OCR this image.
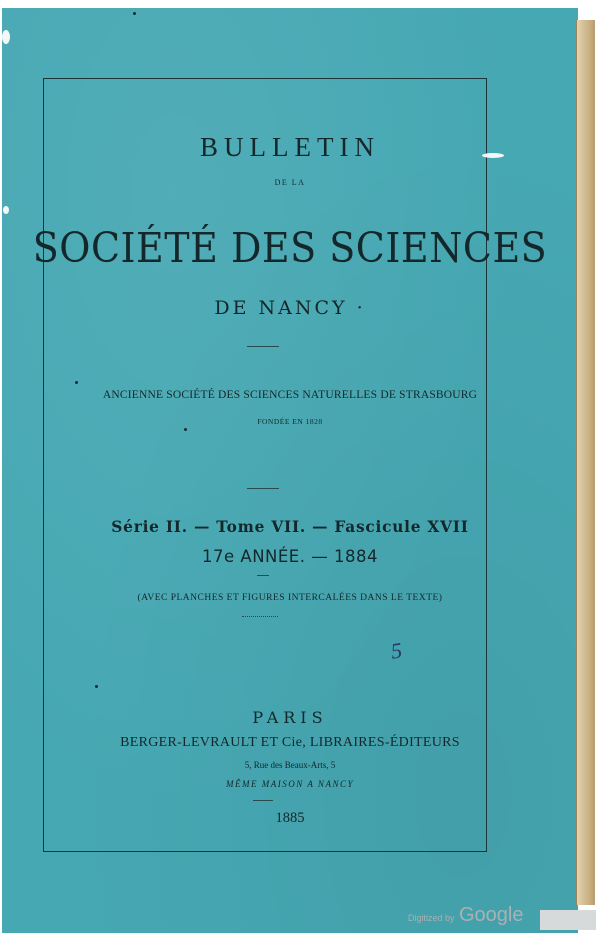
BULLETIN
DE LA
SOCIÉTÉ DES SCIENCES
DE NANCY ·
ANCIENNE SOCIÉTÉ DES SCIENCES NATURELLES DE STRASBOURG
FONDÉE EN 1828
Série II. — Tome VII. — Fascicule XVII
17e ANNÉE. — 1884
(AVEC PLANCHES ET FIGURES INTERCALÉES DANS LE TEXTE)
5
PARIS
BERGER-LEVRAULT ET Cie, LIBRAIRES-ÉDITEURS
5, Rue des Beaux-Arts, 5
MÊME MAISON A NANCY
1885
Digitized by Google
